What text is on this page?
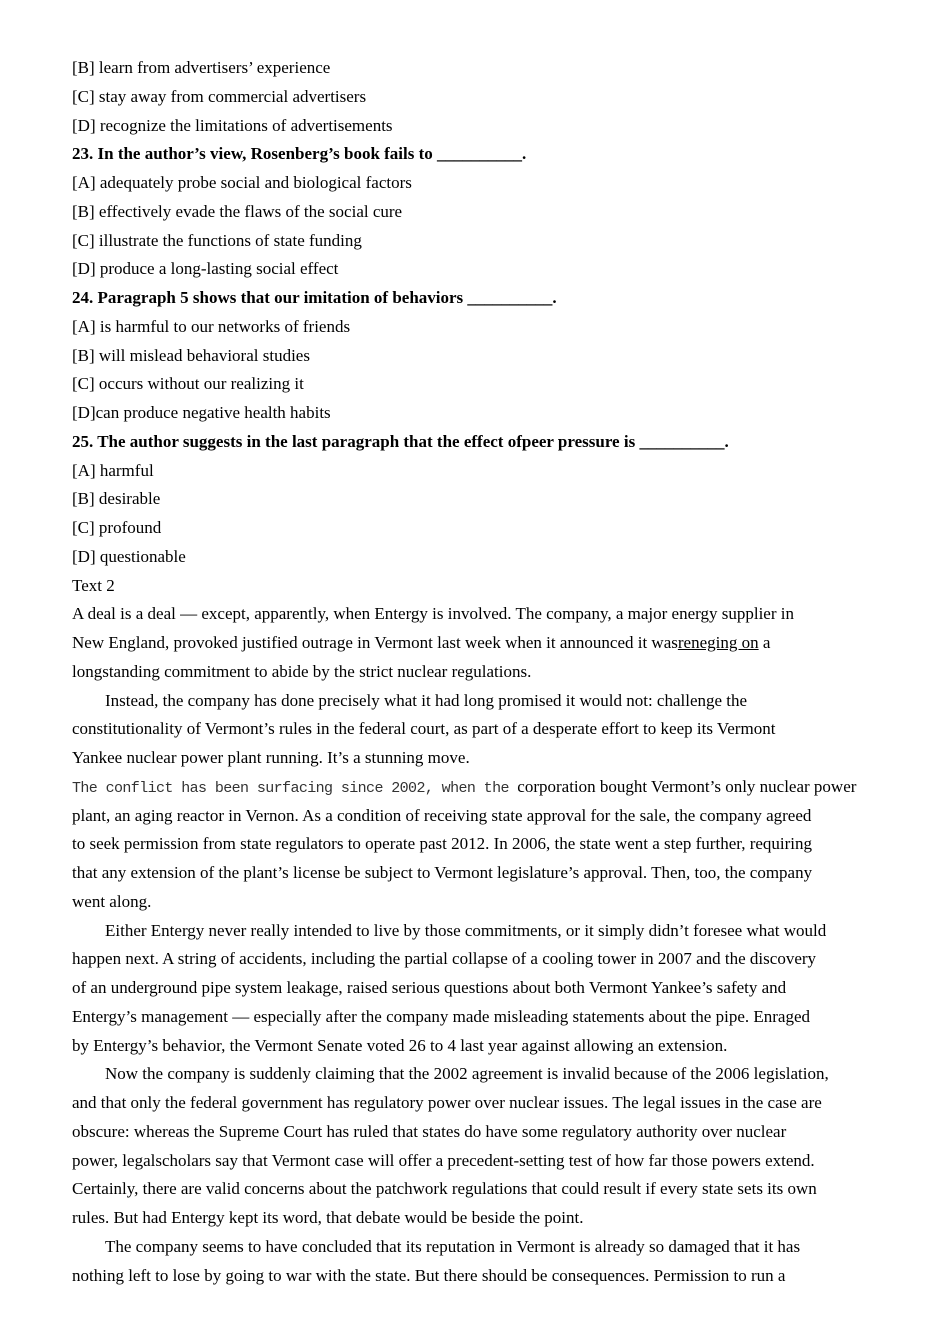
[B] learn from advertisers’ experience
[C] stay away from commercial advertisers
[D] recognize the limitations of advertisements
23. In the author’s view, Rosenberg’s book fails to __________.
[A] adequately probe social and biological factors
[B] effectively evade the flaws of the social cure
[C] illustrate the functions of state funding
[D] produce a long-lasting social effect
24. Paragraph 5 shows that our imitation of behaviors __________.
[A] is harmful to our networks of friends
[B] will mislead behavioral studies
[C] occurs without our realizing it
[D]can produce negative health habits
25. The author suggests in the last paragraph that the effect ofpeer pressure is __________.
[A] harmful
[B] desirable
[C] profound
[D] questionable
Text 2
A deal is a deal — except, apparently, when Entergy is involved. The company, a major energy supplier in
New England, provoked justified outrage in Vermont last week when it announced it wasreneging on a
longstanding commitment to abide by the strict nuclear regulations.
Instead, the company has done precisely what it had long promised it would not: challenge the
constitutionality of Vermont’s rules in the federal court, as part of a desperate effort to keep its Vermont
Yankee nuclear power plant running. It’s a stunning move.
The conflict has been surfacing since 2002, when the corporation bought Vermont’s only nuclear power
plant, an aging reactor in Vernon. As a condition of receiving state approval for the sale, the company agreed
to seek permission from state regulators to operate past 2012. In 2006, the state went a step further, requiring
that any extension of the plant’s license be subject to Vermont legislature’s approval. Then, too, the company
went along.
Either Entergy never really intended to live by those commitments, or it simply didn’t foresee what would
happen next. A string of accidents, including the partial collapse of a cooling tower in 2007 and the discovery
of an underground pipe system leakage, raised serious questions about both Vermont Yankee’s safety and
Entergy’s management — especially after the company made misleading statements about the pipe. Enraged
by Entergy’s behavior, the Vermont Senate voted 26 to 4 last year against allowing an extension.
Now the company is suddenly claiming that the 2002 agreement is invalid because of the 2006 legislation,
and that only the federal government has regulatory power over nuclear issues. The legal issues in the case are
obscure: whereas the Supreme Court has ruled that states do have some regulatory authority over nuclear
power, legalscholars say that Vermont case will offer a precedent-setting test of how far those powers extend.
Certainly, there are valid concerns about the patchwork regulations that could result if every state sets its own
rules. But had Entergy kept its word, that debate would be beside the point.
The company seems to have concluded that its reputation in Vermont is already so damaged that it has
nothing left to lose by going to war with the state. But there should be consequences. Permission to run a
